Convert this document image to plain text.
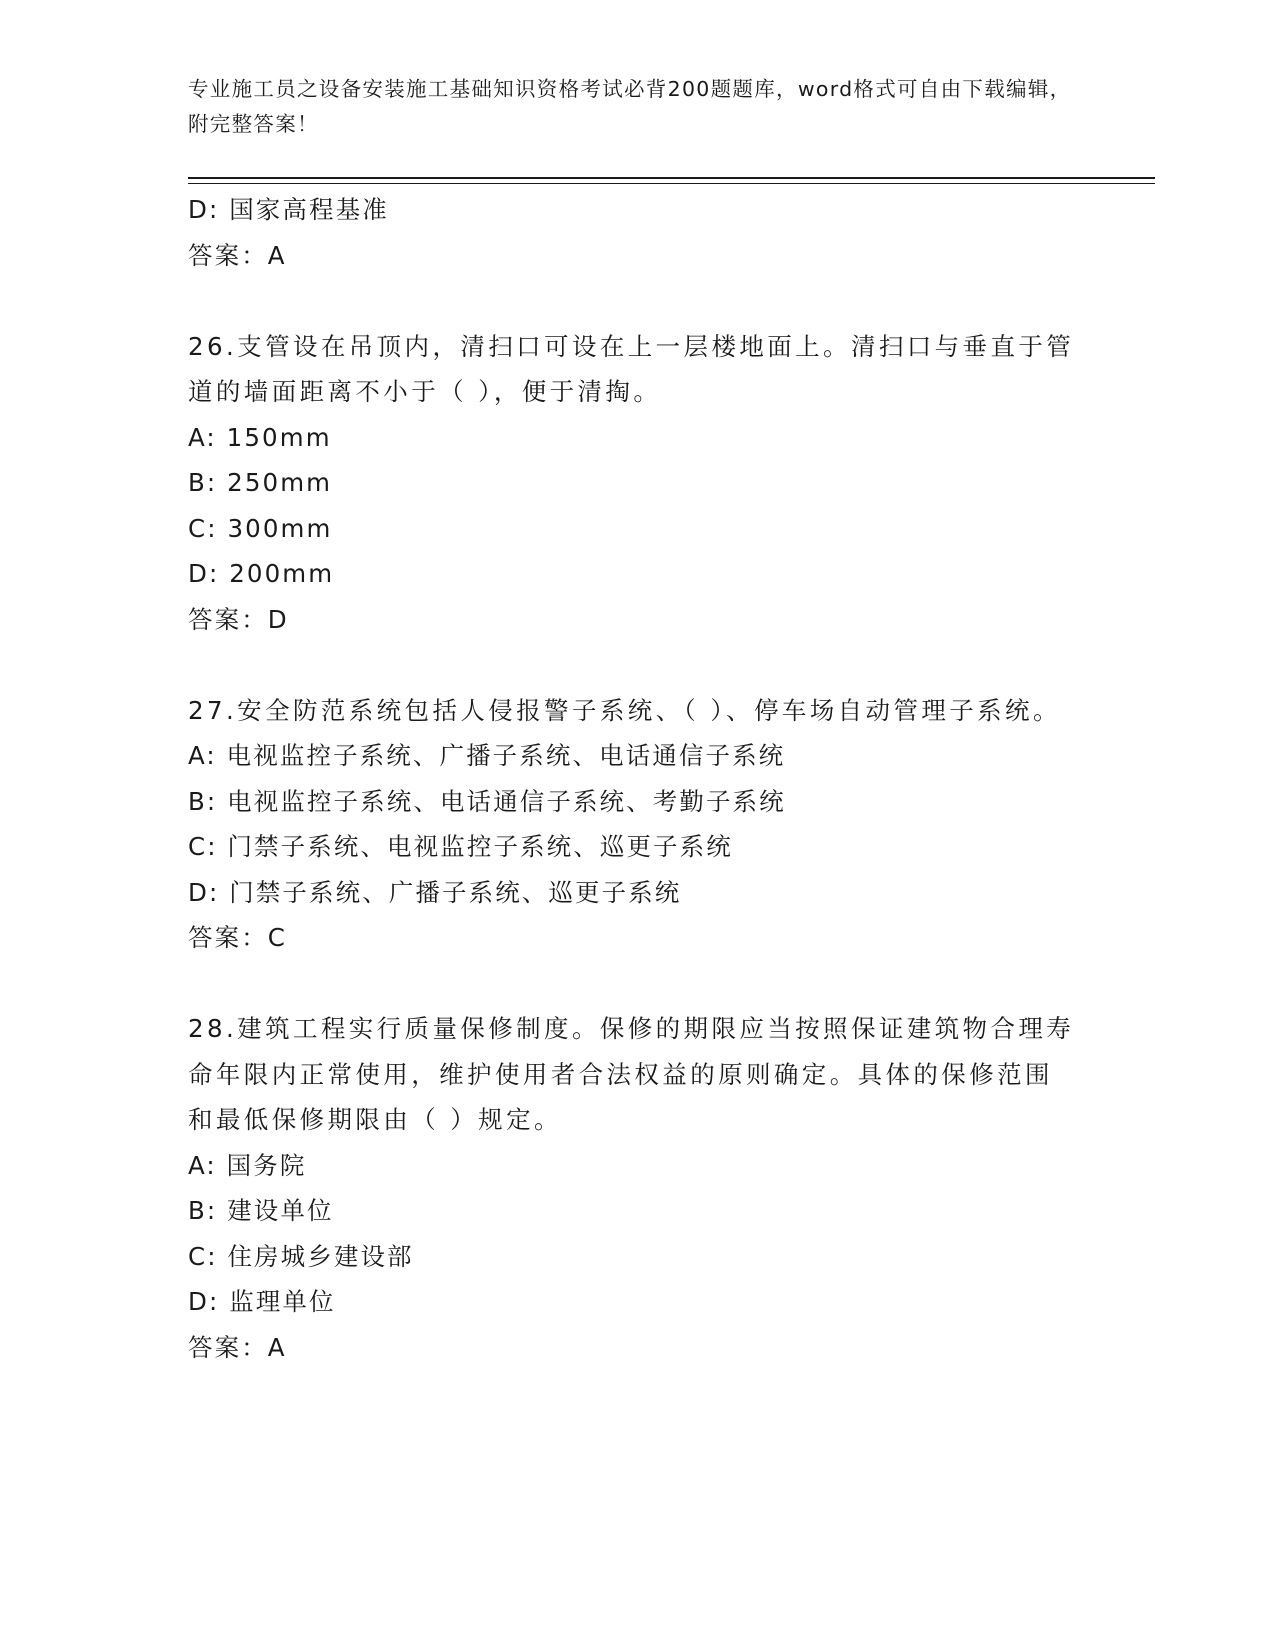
专业施工员之设备安装施工基础知识资格考试必背200题题库，word格式可自由下载编辑，附完整答案！

D: 国家高程基准

答案：A

26.支管设在吊顶内，清扫口可设在上一层楼地面上。清扫口与垂直于管道的墙面距离不小于（ ），便于清掏。

A: 150mm

B: 250mm

C: 300mm

D: 200mm

答案：D

27.安全防范系统包括人侵报警子系统、（ ）、停车场自动管理子系统。

A: 电视监控子系统、广播子系统、电话通信子系统

B: 电视监控子系统、电话通信子系统、考勤子系统

C: 门禁子系统、电视监控子系统、巡更子系统

D: 门禁子系统、广播子系统、巡更子系统

答案：C

28.建筑工程实行质量保修制度。保修的期限应当按照保证建筑物合理寿命年限内正常使用，维护使用者合法权益的原则确定。具体的保修范围和最低保修期限由（ ）规定。

A: 国务院

B: 建设单位

C: 住房城乡建设部

D: 监理单位

答案：A
